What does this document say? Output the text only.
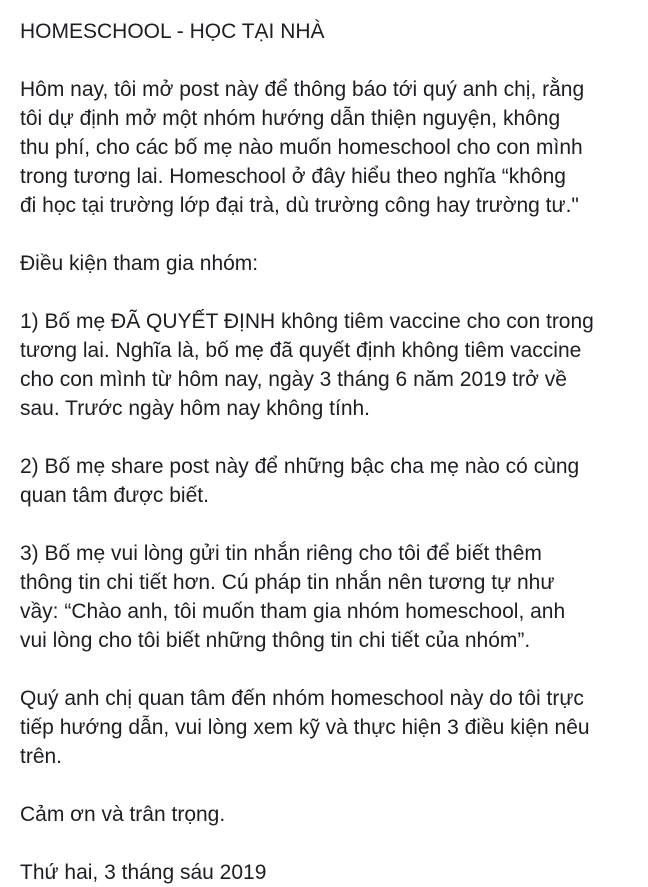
HOMESCHOOL - HỌC TẠI NHÀ

Hôm nay, tôi mở post này để thông báo tới quý anh chị, rằng
tôi dự định mở một nhóm hướng dẫn thiện nguyện, không
thu phí, cho các bố mẹ nào muốn homeschool cho con mình
trong tương lai. Homeschool ở đây hiểu theo nghĩa “không
đi học tại trường lớp đại trà, dù trường công hay trường tư."

Điều kiện tham gia nhóm:

1) Bố mẹ ĐÃ QUYẾT ĐỊNH không tiêm vaccine cho con trong
tương lai. Nghĩa là, bố mẹ đã quyết định không tiêm vaccine
cho con mình từ hôm nay, ngày 3 tháng 6 năm 2019 trở về
sau. Trước ngày hôm nay không tính.

2) Bố mẹ share post này để những bậc cha mẹ nào có cùng
quan tâm được biết.

3) Bố mẹ vui lòng gửi tin nhắn riêng cho tôi để biết thêm
thông tin chi tiết hơn. Cú pháp tin nhắn nên tương tự như
vầy: “Chào anh, tôi muốn tham gia nhóm homeschool, anh
vui lòng cho tôi biết những thông tin chi tiết của nhóm”.

Quý anh chị quan tâm đến nhóm homeschool này do tôi trực
tiếp hướng dẫn, vui lòng xem kỹ và thực hiện 3 điều kiện nêu
trên.

Cảm ơn và trân trọng.

Thứ hai, 3 tháng sáu 2019
